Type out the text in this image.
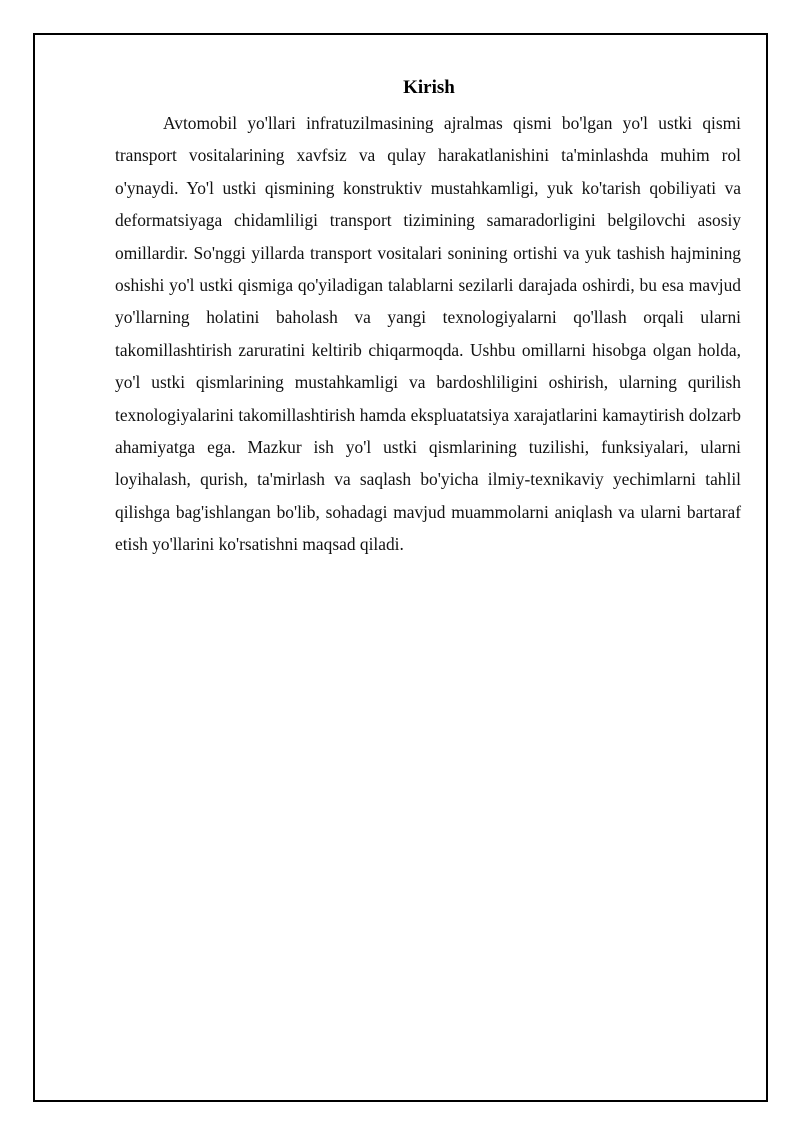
Kirish

Avtomobil yo'llari infratuzilmasining ajralmas qismi bo'lgan yo'l ustki qismi transport vositalarining xavfsiz va qulay harakatlanishini ta'minlashda muhim rol o'ynaydi. Yo'l ustki qismining konstruktiv mustahkamligi, yuk ko'tarish qobiliyati va deformatsiyaga chidamliligi transport tizimining samaradorligini belgilovchi asosiy omillardir. So'nggi yillarda transport vositalari sonining ortishi va yuk tashish hajmining oshishi yo'l ustki qismiga qo'yiladigan talablarni sezilarli darajada oshirdi, bu esa mavjud yo'llarning holatini baholash va yangi texnologiyalarni qo'llash orqali ularni takomillashtirish zaruratini keltirib chiqarmoqda. Ushbu omillarni hisobga olgan holda, yo'l ustki qismlarining mustahkamligi va bardoshliligini oshirish, ularning qurilish texnologiyalarini takomillashtirish hamda ekspluatatsiya xarajatlarini kamaytirish dolzarb ahamiyatga ega. Mazkur ish yo'l ustki qismlarining tuzilishi, funksiyalari, ularni loyihalash, qurish, ta'mirlash va saqlash bo'yicha ilmiy-texnikaviy yechimlarni tahlil qilishga bag'ishlangan bo'lib, sohadagi mavjud muammolarni aniqlash va ularni bartaraf etish yo'llarini ko'rsatishni maqsad qiladi.
